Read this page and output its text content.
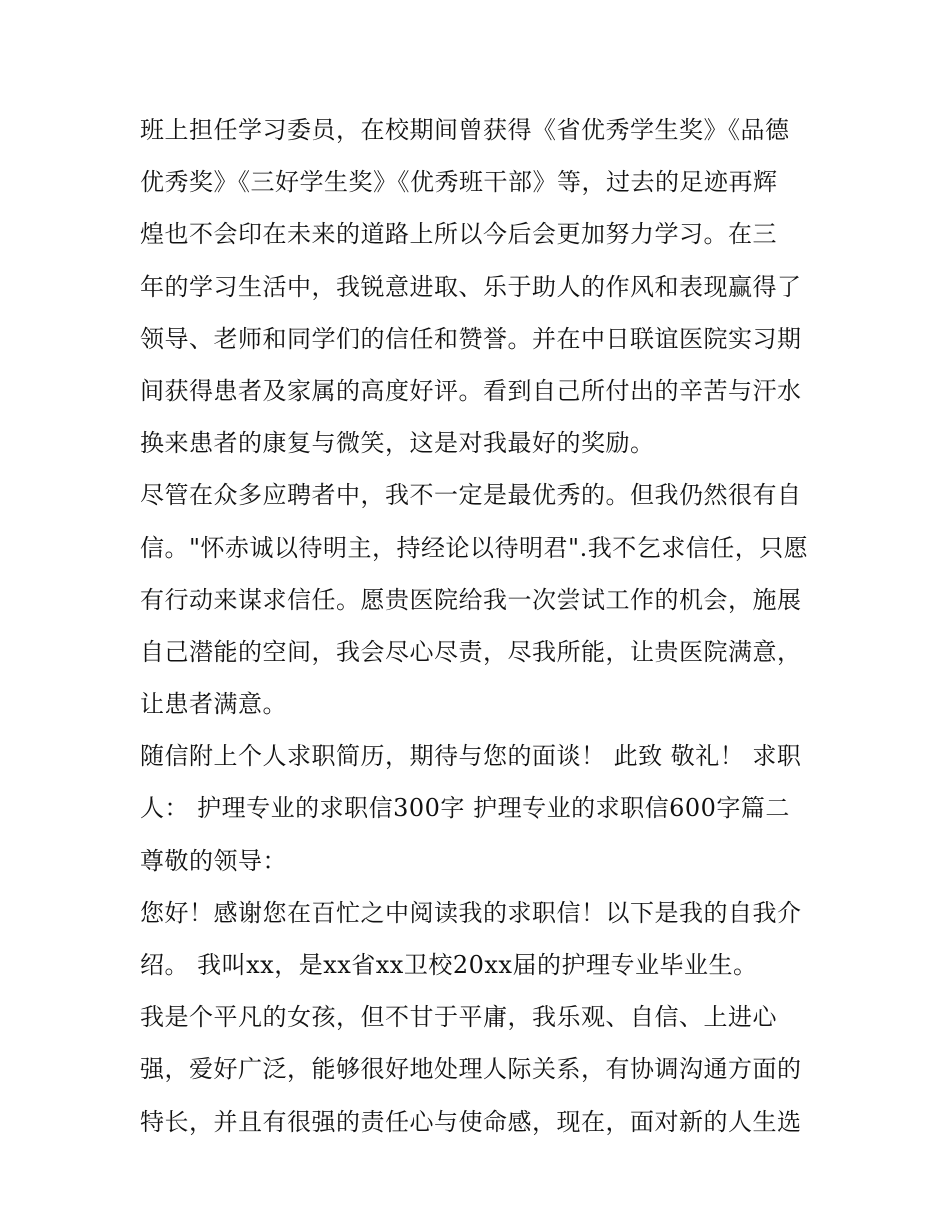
班上担任学习委员，在校期间曾获得《省优秀学生奖》《品德
优秀奖》《三好学生奖》《优秀班干部》等，过去的足迹再辉
煌也不会印在未来的道路上所以今后会更加努力学习。在三
年的学习生活中，我锐意进取、乐于助人的作风和表现赢得了
领导、老师和同学们的信任和赞誉。并在中日联谊医院实习期
间获得患者及家属的高度好评。看到自己所付出的辛苦与汗水
换来患者的康复与微笑，这是对我最好的奖励。
尽管在众多应聘者中，我不一定是最优秀的。但我仍然很有自
信。"怀赤诚以待明主，持经论以待明君".我不乞求信任，只愿
有行动来谋求信任。愿贵医院给我一次尝试工作的机会，施展
自己潜能的空间，我会尽心尽责，尽我所能，让贵医院满意，
让患者满意。
随信附上个人求职简历，期待与您的面谈！ 此致 敬礼！ 求职
人： 护理专业的求职信300字 护理专业的求职信600字篇二
尊敬的领导：
您好！感谢您在百忙之中阅读我的求职信！以下是我的自我介
绍。 我叫xx，是xx省xx卫校20xx届的护理专业毕业生。
我是个平凡的女孩，但不甘于平庸，我乐观、自信、上进心
强，爱好广泛，能够很好地处理人际关系，有协调沟通方面的
特长，并且有很强的责任心与使命感，现在，面对新的人生选
